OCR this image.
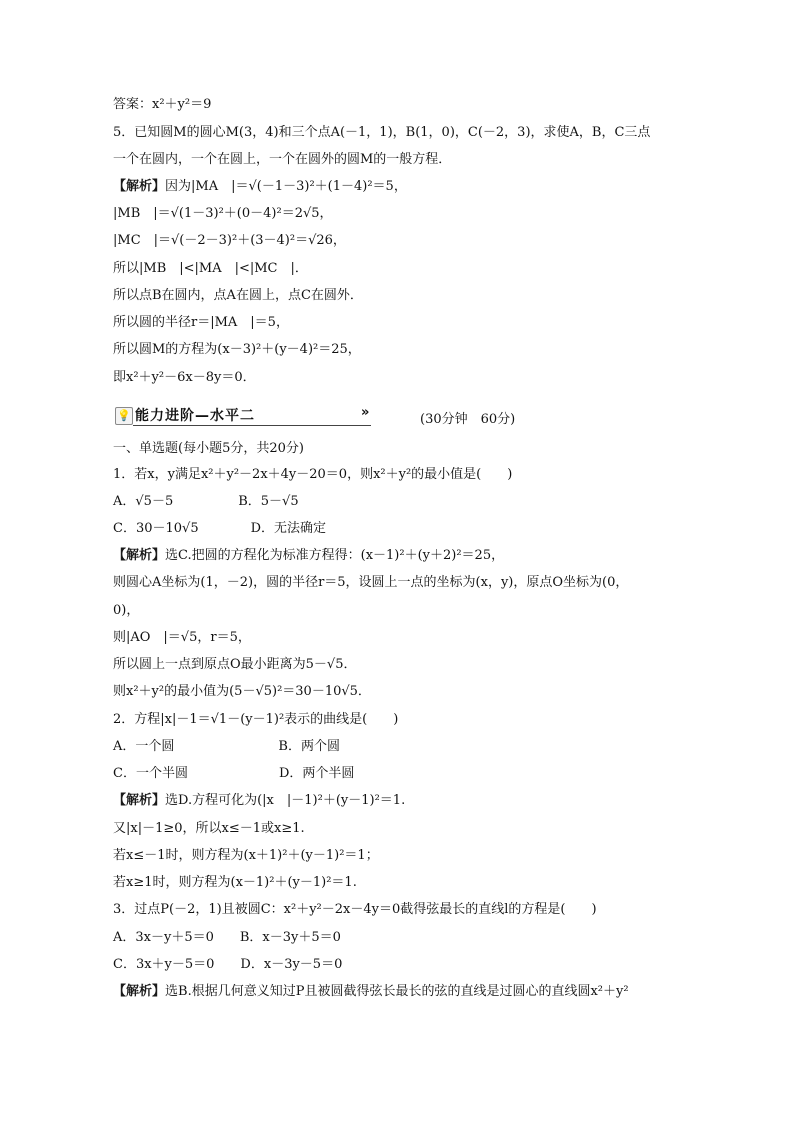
答案：x²＋y²＝9
5．已知圆M的圆心M(3，4)和三个点A(－1，1)，B(1，0)，C(－2，3)，求使A，B，C三点
一个在圆内，一个在圆上，一个在圆外的圆M的一般方程．
【解析】因为|MA　|＝√(－1－3)²＋(1－4)²＝5，
|MB　|＝√(1－3)²＋(0－4)²＝2√5，
|MC　|＝√(－2－3)²＋(3－4)²＝√26，
所以|MB　|<|MA　|<|MC　|．
所以点B在圆内，点A在圆上，点C在圆外．
所以圆的半径r＝|MA　|＝5，
所以圆M的方程为(x－3)²＋(y－4)²＝25，
即x²＋y²－6x－8y＝0．
一、单选题(每小题5分，共20分)
1．若x，y满足x²＋y²－2x＋4y－20＝0，则x²＋y²的最小值是(　　)
A．√5－5　　　　　B．5－√5
C．30－10√5　　　　D．无法确定
【解析】选C.把圆的方程化为标准方程得：(x－1)²＋(y＋2)²＝25，
则圆心A坐标为(1，－2)，圆的半径r＝5，设圆上一点的坐标为(x，y)，原点O坐标为(0，
0)，
则|AO　|＝√5，r＝5，
所以圆上一点到原点O最小距离为5－√5．
则x²＋y²的最小值为(5－√5)²＝30－10√5．
2．方程|x|－1＝√1－(y－1)²表示的曲线是(　　)
A．一个圆　　　　　　　　B．两个圆
C．一个半圆　　　　　　　D．两个半圆
【解析】选D.方程可化为(|x　|－1)²＋(y－1)²＝1.
又|x|－1≥0，所以x≤－1或x≥1.
若x≤－1时，则方程为(x＋1)²＋(y－1)²＝1；
若x≥1时，则方程为(x－1)²＋(y－1)²＝1.
3．过点P(－2，1)且被圆C：x²＋y²－2x－4y＝0截得弦最长的直线l的方程是(　　)
A．3x－y＋5＝0　　B．x－3y＋5＝0
C．3x＋y－5＝0　　D．x－3y－5＝0
【解析】选B.根据几何意义知过P且被圆截得弦长最长的弦的直线是过圆心的直线圆x²＋y²
💡 能力进阶—水平二	»	(30分钟　60分)
